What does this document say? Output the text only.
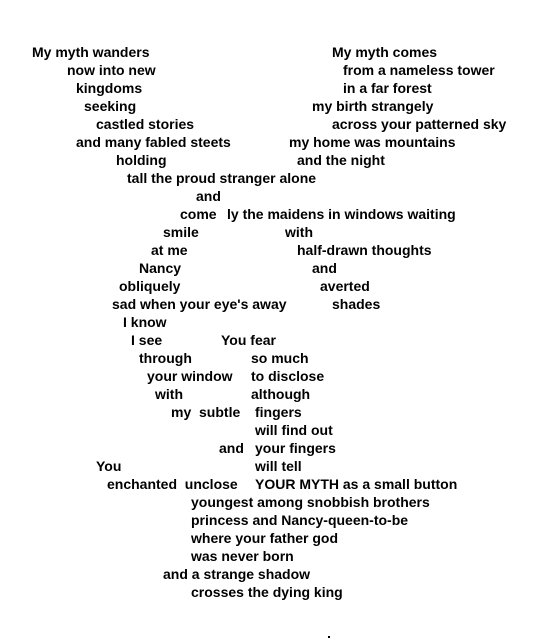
My myth wanders
now into new
kingdoms
seeking
castled stories
and many fabled steets
holding
tall the proud stranger alone
and
come
smile
at me
Nancy
obliquely
sad when your eye's away
I know
I see
through
your window
with
my  subtle
and
You
enchanted  unclose
youngest among snobbish brothers
princess and Nancy-queen-to-be
where your father god
was never born
and a strange shadow
crosses the dying king
My myth comes
from a nameless tower
in a far forest
my birth strangely
across your patterned sky
my home was mountains
and the night
ly the maidens in windows waiting
with
half-drawn thoughts
and
averted
shades
You fear
so much
to disclose
although
fingers
will find out
your fingers
will tell
YOUR MYTH as a small button
